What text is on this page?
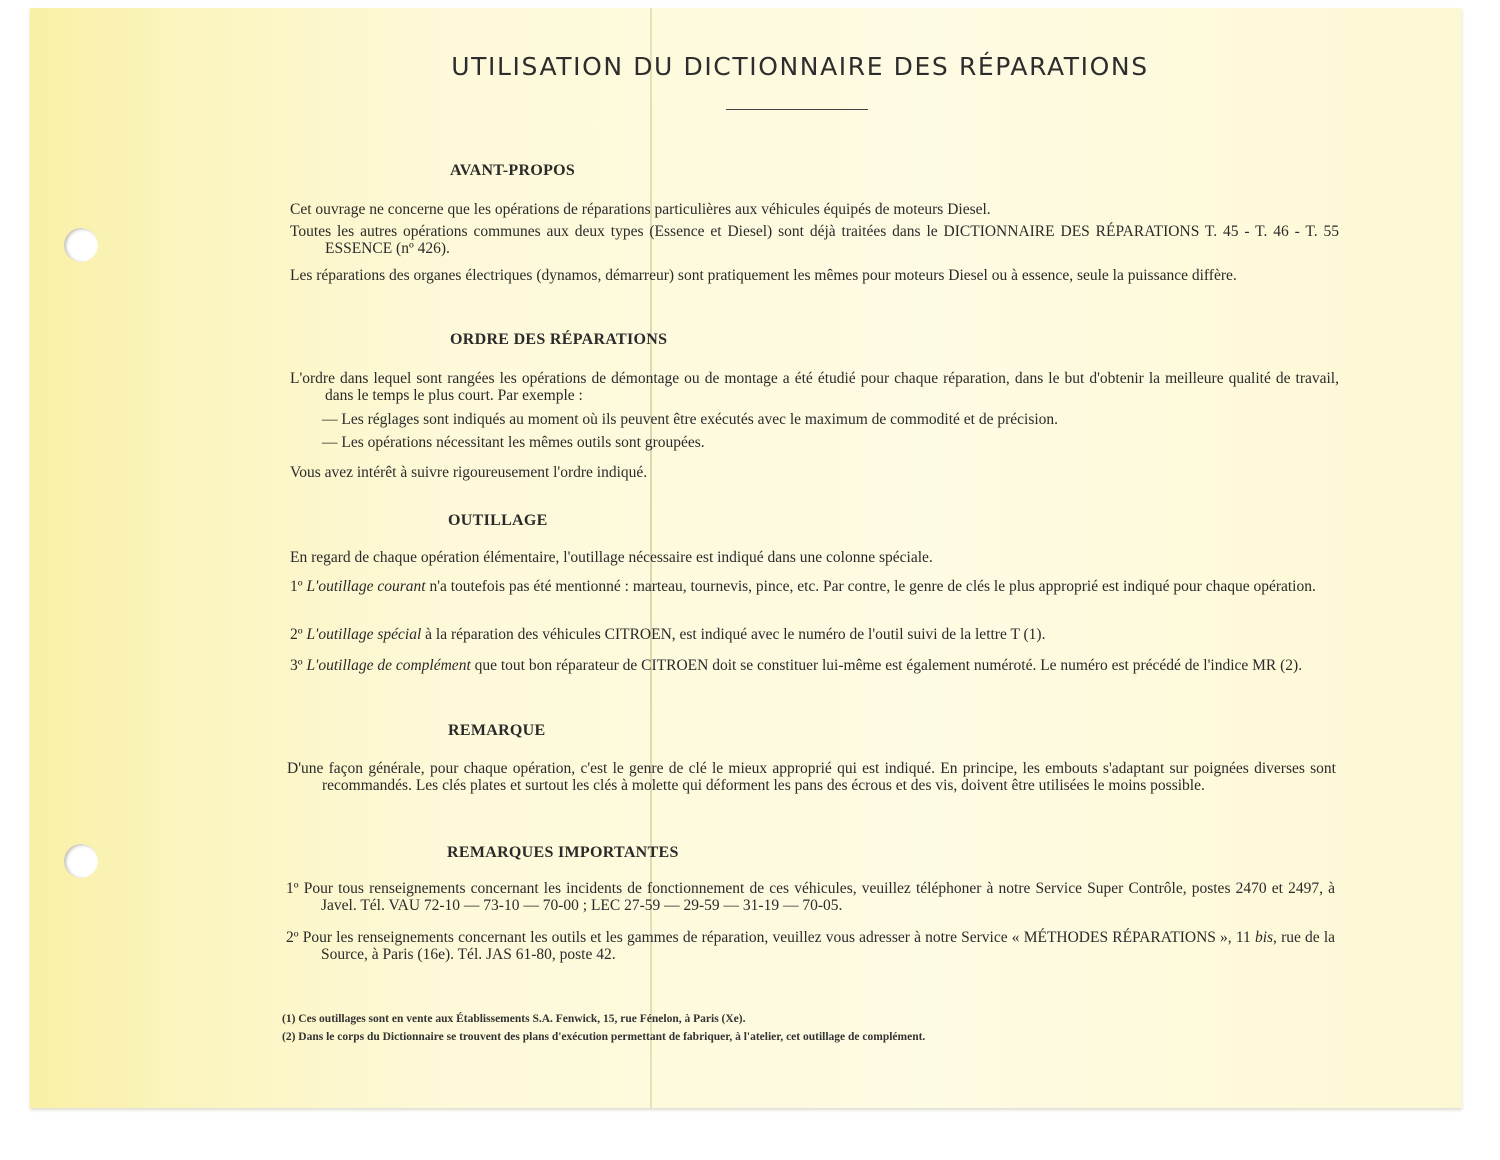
UTILISATION DU DICTIONNAIRE DES RÉPARATIONS
AVANT-PROPOS

Cet ouvrage ne concerne que les opérations de réparations particulières aux véhicules équipés de moteurs Diesel.

Toutes les autres opérations communes aux deux types (Essence et Diesel) sont déjà traitées dans le DICTIONNAIRE DES RÉPARATIONS T. 45 - T. 46 - T. 55 ESSENCE (nº 426).

Les réparations des organes électriques (dynamos, démarreur) sont pratiquement les mêmes pour moteurs Diesel ou à essence, seule la puissance diffère.

ORDRE DES RÉPARATIONS

L'ordre dans lequel sont rangées les opérations de démontage ou de montage a été étudié pour chaque réparation, dans le but d'obtenir la meilleure qualité de travail, dans le temps le plus court. Par exemple :

— Les réglages sont indiqués au moment où ils peuvent être exécutés avec le maximum de commodité et de précision.

— Les opérations nécessitant les mêmes outils sont groupées.

Vous avez intérêt à suivre rigoureusement l'ordre indiqué.

OUTILLAGE

En regard de chaque opération élémentaire, l'outillage nécessaire est indiqué dans une colonne spéciale.

1º L'outillage courant n'a toutefois pas été mentionné : marteau, tournevis, pince, etc. Par contre, le genre de clés le plus approprié est indiqué pour chaque opération.

2º L'outillage spécial à la réparation des véhicules CITROEN, est indiqué avec le numéro de l'outil suivi de la lettre T (1).

3º L'outillage de complément que tout bon réparateur de CITROEN doit se constituer lui-même est également numéroté. Le numéro est précédé de l'indice MR (2).

REMARQUE

D'une façon générale, pour chaque opération, c'est le genre de clé le mieux approprié qui est indiqué. En principe, les embouts s'adaptant sur poignées diverses sont recommandés. Les clés plates et surtout les clés à molette qui déforment les pans des écrous et des vis, doivent être utilisées le moins possible.

REMARQUES IMPORTANTES

1º Pour tous renseignements concernant les incidents de fonctionnement de ces véhicules, veuillez téléphoner à notre Service Super Contrôle, postes 2470 et 2497, à Javel. Tél. VAU 72-10 — 73-10 — 70-00 ; LEC 27-59 — 29-59 — 31-19 — 70-05.

2º Pour les renseignements concernant les outils et les gammes de réparation, veuillez vous adresser à notre Service « MÉTHODES RÉPARATIONS », 11 bis, rue de la Source, à Paris (16e). Tél. JAS 61-80, poste 42.

(1) Ces outillages sont en vente aux Établissements S.A. Fenwick, 15, rue Fénelon, à Paris (Xe).

(2) Dans le corps du Dictionnaire se trouvent des plans d'exécution permettant de fabriquer, à l'atelier, cet outillage de complément.
